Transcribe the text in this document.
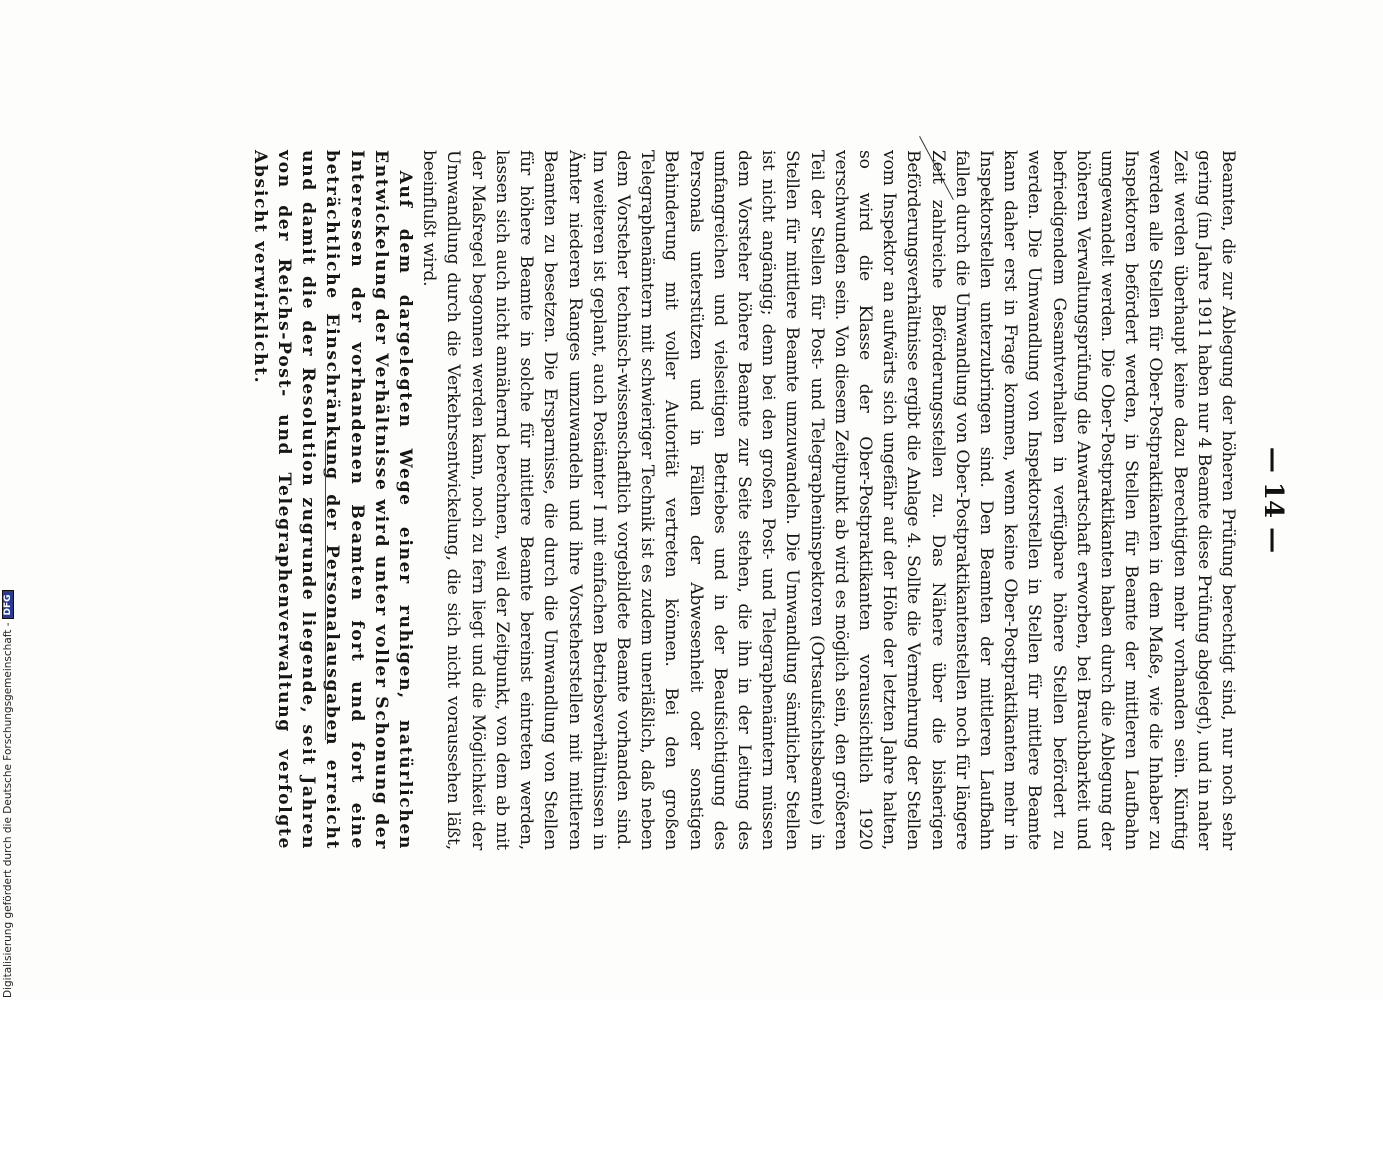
— 14 —

Beamten, die zur Ablegung der höheren Prüfung berechtigt sind, nur noch sehr gering (im Jahre 1911 haben nur 4 Beamte diese Prüfung abgelegt), und in naher Zeit werden überhaupt keine dazu Berechtigten mehr vorhanden sein. Künftig werden alle Stellen für Ober-Postpraktikanten in dem Maße, wie die Inhaber zu Inspektoren befördert werden, in Stellen für Beamte der mittleren Laufbahn umgewandelt werden. Die Ober-Postpraktikanten haben durch die Ablegung der höheren Verwaltungsprüfung die Anwartschaft erworben, bei Brauchbarkeit und befriedigendem Gesamtverhalten in verfügbare höhere Stellen befördert zu werden. Die Umwandlung von Inspektorstellen in Stellen für mittlere Beamte kann daher erst in Frage kommen, wenn keine Ober-Postpraktikanten mehr in Inspektorstellen unterzubringen sind. Den Beamten der mittleren Laufbahn fallen durch die Umwandlung von Ober-Postpraktikantenstellen noch für längere Zeit zahlreiche Beförderungsstellen zu. Das Nähere über die bisherigen Beförderungsverhältnisse ergibt die Anlage 4. Sollte die Vermehrung der Stellen vom Inspektor an aufwärts sich ungefähr auf der Höhe der letzten Jahre halten, so wird die Klasse der Ober-Postpraktikanten voraussichtlich 1920 verschwunden sein. Von diesem Zeitpunkt ab wird es möglich sein, den größeren Teil der Stellen für Post- und Telegrapheninspektoren (Ortsaufsichtsbeamte) in Stellen für mittlere Beamte umzuwandeln. Die Umwandlung sämtlicher Stellen ist nicht angängig; denn bei den großen Post- und Telegraphenämtern müssen dem Vorsteher höhere Beamte zur Seite stehen, die ihn in der Leitung des umfangreichen und vielseitigen Betriebes und in der Beaufsichtigung des Personals unterstützen und in Fällen der Abwesenheit oder sonstigen Behinderung mit voller Autorität vertreten können. Bei den großen Telegraphenämtern mit schwieriger Technik ist es zudem unerläßlich, daß neben dem Vorsteher technisch-wissenschaftlich vorgebildete Beamte vorhanden sind. Im weiteren ist geplant, auch Postämter I mit einfachen Betriebsverhältnissen in Ämter niederen Ranges umzuwandeln und ihre Vorsteherstellen mit mittleren Beamten zu besetzen. Die Ersparnisse, die durch die Umwandlung von Stellen für höhere Beamte in solche für mittlere Beamte bereinst eintreten werden, lassen sich auch nicht annähernd berechnen, weil der Zeitpunkt, von dem ab mit der Maßregel begonnen werden kann, noch zu fern liegt und die Möglichkeit der Umwandlung durch die Verkehrsentwickelung, die sich nicht voraussehen läßt, beeinflußt wird.

Auf dem dargelegten Wege einer ruhigen, natürlichen Entwickelung der Verhältnisse wird unter voller Schonung der Interessen der vorhandenen Beamten fort und fort eine beträchtliche Einschränkung der Personalausgaben erreicht und damit die der Resolution zugrunde liegende, seit Jahren von der Reichs-Post- und Telegraphenverwaltung verfolgte Absicht verwirklicht.

Digitalisierung gefördert durch die Deutsche Forschungsgemeinschaft -DFG
